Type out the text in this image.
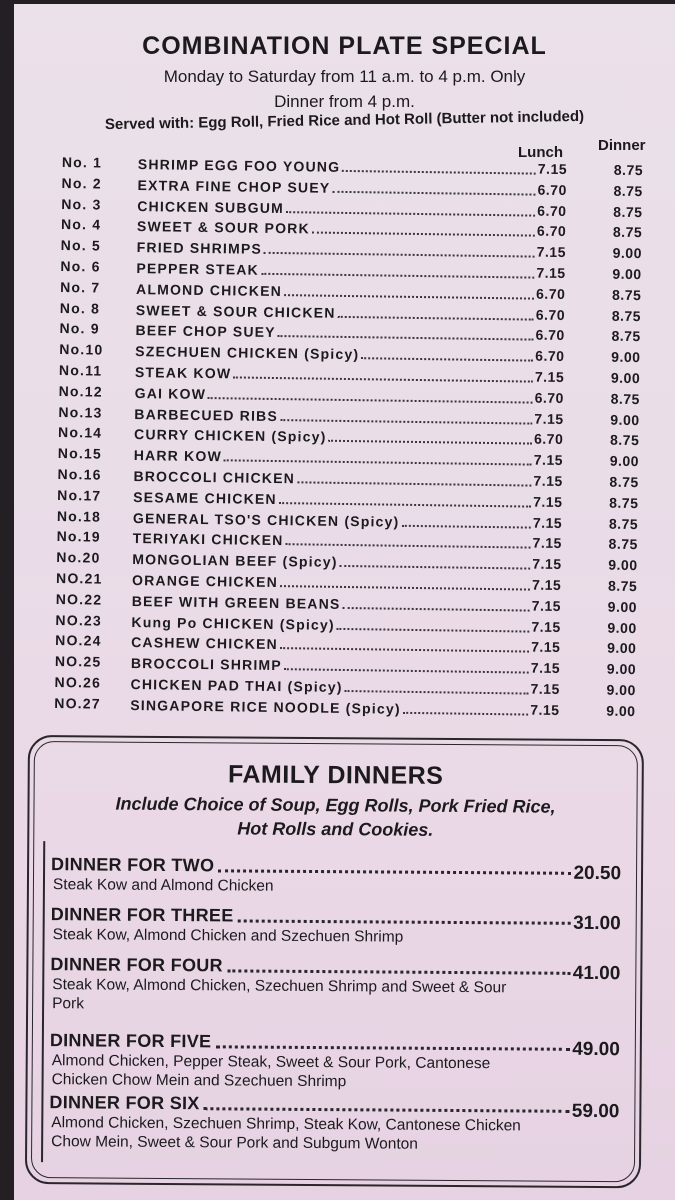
COMBINATION PLATE SPECIAL
Monday to Saturday from 11 a.m. to 4 p.m. Only
Dinner from 4 p.m.
Served with: Egg Roll, Fried Rice and Hot Roll (Butter not included)
Lunch Dinner
No. 1	SHRIMP EGG FOO YOUNG	7.15	8.75
No. 2	EXTRA FINE CHOP SUEY	6.70	8.75
No. 3	CHICKEN SUBGUM	6.70	8.75
No. 4	SWEET & SOUR PORK	6.70	8.75
No. 5	FRIED SHRIMPS	7.15	9.00
No. 6	PEPPER STEAK	7.15	9.00
No. 7	ALMOND CHICKEN	6.70	8.75
No. 8	SWEET & SOUR CHICKEN	6.70	8.75
No. 9	BEEF CHOP SUEY	6.70	8.75
No.10	SZECHUEN CHICKEN (Spicy)	6.70	9.00
No.11	STEAK KOW	7.15	9.00
No.12	GAI KOW	6.70	8.75
No.13	BARBECUED RIBS	7.15	9.00
No.14	CURRY CHICKEN (Spicy)	6.70	8.75
No.15	HARR KOW	7.15	9.00
No.16	BROCCOLI CHICKEN	7.15	8.75
No.17	SESAME CHICKEN	7.15	8.75
No.18	GENERAL TSO'S CHICKEN (Spicy)	7.15	8.75
No.19	TERIYAKI CHICKEN	7.15	8.75
No.20	MONGOLIAN BEEF (Spicy)	7.15	9.00
NO.21	ORANGE CHICKEN	7.15	8.75
NO.22	BEEF WITH GREEN BEANS	7.15	9.00
NO.23	Kung Po CHICKEN (Spicy)	7.15	9.00
NO.24	CASHEW CHICKEN	7.15	9.00
NO.25	BROCCOLI SHRIMP	7.15	9.00
NO.26	CHICKEN PAD THAI (Spicy)	7.15	9.00
NO.27	SINGAPORE RICE NOODLE (Spicy)	7.15	9.00
FAMILY DINNERS
Include Choice of Soup, Egg Rolls, Pork Fried Rice,
Hot Rolls and Cookies.
DINNER FOR TWO	20.50
Steak Kow and Almond Chicken
DINNER FOR THREE	31.00
Steak Kow, Almond Chicken and Szechuen Shrimp
DINNER FOR FOUR	41.00
Steak Kow, Almond Chicken, Szechuen Shrimp and Sweet & Sour Pork
DINNER FOR FIVE	49.00
Almond Chicken, Pepper Steak, Sweet & Sour Pork, Cantonese Chicken Chow Mein and Szechuen Shrimp
DINNER FOR SIX	59.00
Almond Chicken, Szechuen Shrimp, Steak Kow, Cantonese Chicken Chow Mein, Sweet & Sour Pork and Subgum Wonton
